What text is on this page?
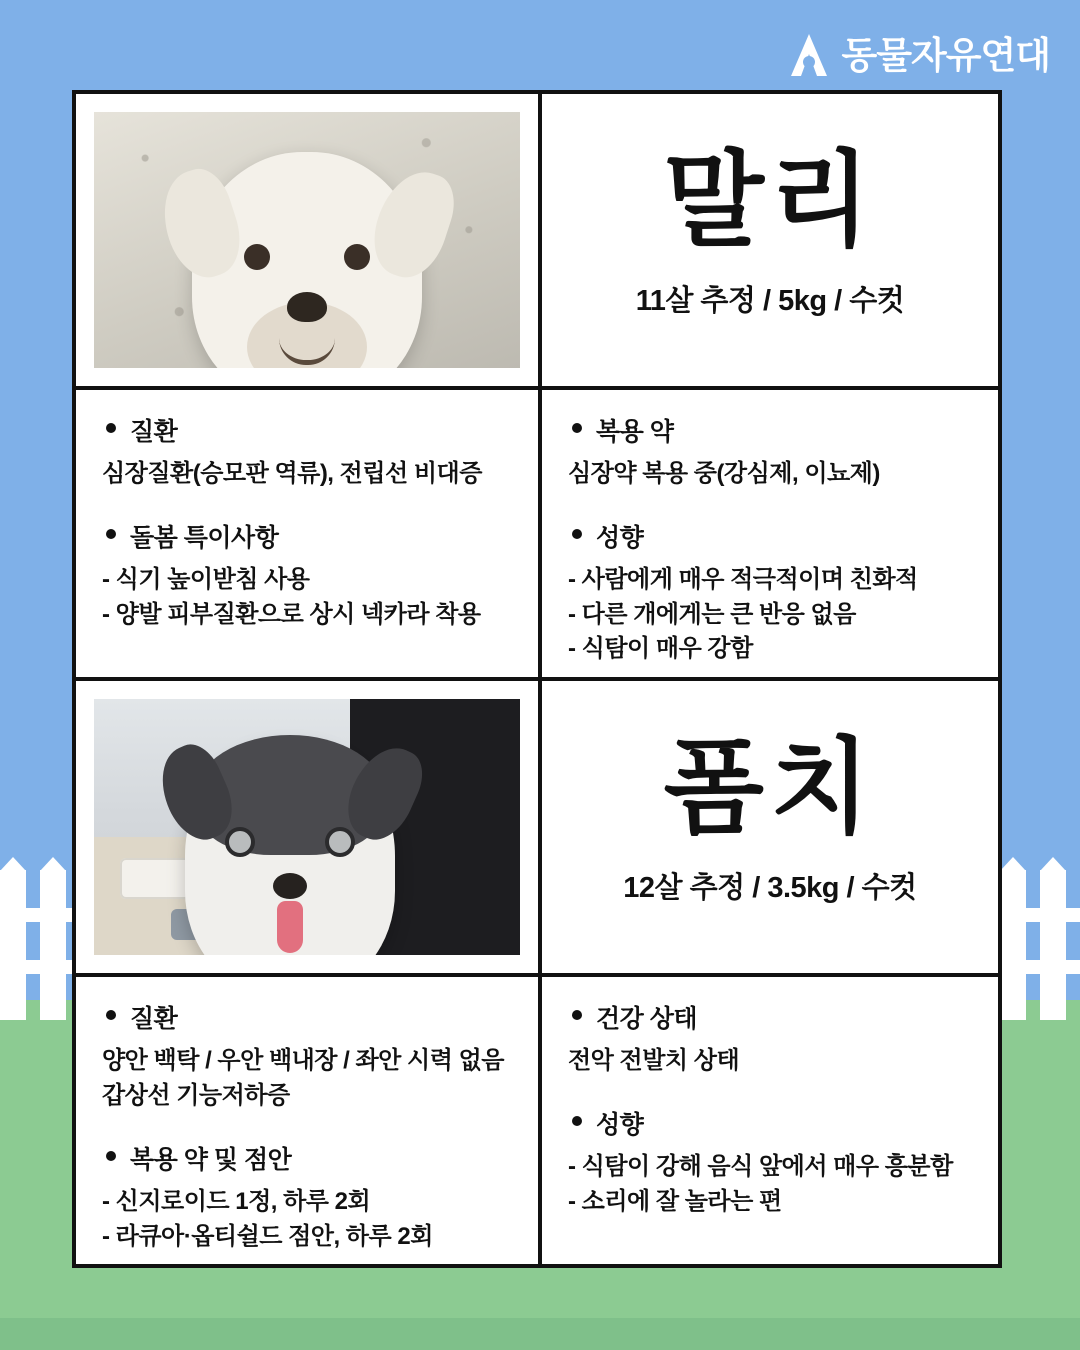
동물자유연대
말리
11살 추정 / 5kg / 수컷
질환
심장질환(승모판 역류), 전립선 비대증
돌봄 특이사항
- 식기 높이받침 사용
- 양발 피부질환으로 상시 넥카라 착용
복용 약
심장약 복용 중(강심제, 이뇨제)
성향
- 사람에게 매우 적극적이며 친화적
- 다른 개에게는 큰 반응 없음
- 식탐이 매우 강함
폼치
12살 추정 / 3.5kg / 수컷
질환
양안 백탁 / 우안 백내장 / 좌안 시력 없음
갑상선 기능저하증
복용 약 및 점안
- 신지로이드 1정, 하루 2회
- 라큐아·옵티쉴드 점안, 하루 2회
건강 상태
전악 전발치 상태
성향
- 식탐이 강해 음식 앞에서 매우 흥분함
- 소리에 잘 놀라는 편
